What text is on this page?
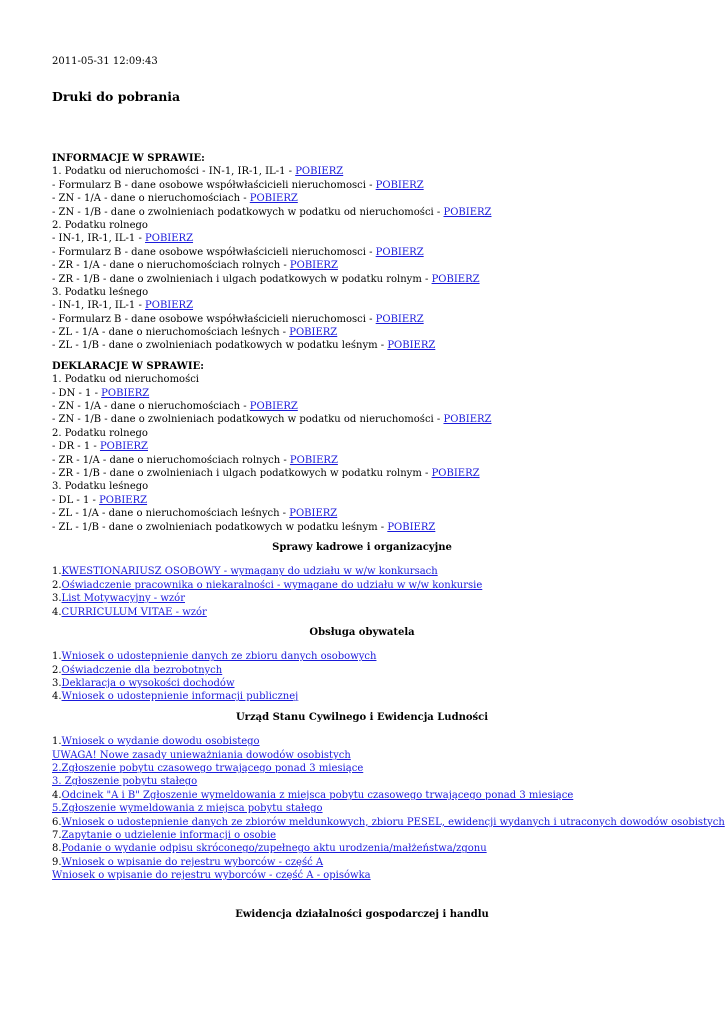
2011-05-31 12:09:43
Druki do pobrania
INFORMACJE W SPRAWIE:
1. Podatku od nieruchomości - IN-1, IR-1, IL-1 - POBIERZ
- Formularz B - dane osobowe współwłaścicieli nieruchomosci - POBIERZ
- ZN - 1/A - dane o nieruchomościach - POBIERZ
- ZN - 1/B - dane o zwolnieniach podatkowych w podatku od nieruchomości - POBIERZ
2. Podatku rolnego
- IN-1, IR-1, IL-1 - POBIERZ
- Formularz B - dane osobowe współwłaścicieli nieruchomosci - POBIERZ
- ZR - 1/A - dane o nieruchomościach rolnych - POBIERZ
- ZR - 1/B - dane o zwolnieniach i ulgach podatkowych w podatku rolnym - POBIERZ
3. Podatku leśnego
- IN-1, IR-1, IL-1 - POBIERZ
- Formularz B - dane osobowe współwłaścicieli nieruchomosci - POBIERZ
- ZL - 1/A - dane o nieruchomościach leśnych - POBIERZ
- ZL - 1/B - dane o zwolnieniach podatkowych w podatku leśnym - POBIERZ
DEKLARACJE W SPRAWIE:
1. Podatku od nieruchomości
- DN - 1 - POBIERZ
- ZN - 1/A - dane o nieruchomościach - POBIERZ
- ZN - 1/B - dane o zwolnieniach podatkowych w podatku od nieruchomości - POBIERZ
2. Podatku rolnego
- DR - 1 - POBIERZ
- ZR - 1/A - dane o nieruchomościach rolnych - POBIERZ
- ZR - 1/B - dane o zwolnieniach i ulgach podatkowych w podatku rolnym - POBIERZ
3. Podatku leśnego
- DL - 1 - POBIERZ
- ZL - 1/A - dane o nieruchomościach leśnych - POBIERZ
- ZL - 1/B - dane o zwolnieniach podatkowych w podatku leśnym - POBIERZ
Sprawy kadrowe i organizacyjne
1.KWESTIONARIUSZ OSOBOWY - wymagany do udziału w w/w konkursach
2.Oświadczenie pracownika o niekaralności - wymagane do udziału w w/w konkursie
3.List Motywacyjny - wzór
4.CURRICULUM VITAE - wzór
Obsługa obywatela
1.Wniosek o udostepnienie danych ze zbioru danych osobowych
2.Oświadczenie dla bezrobotnych
3.Deklaracja o wysokości dochodów
4.Wniosek o udostepnienie informacji publicznej
Urząd Stanu Cywilnego i Ewidencja Ludności
1.Wniosek o wydanie dowodu osobistego
UWAGA! Nowe zasady unieważniania dowodów osobistych
2.Zgłoszenie pobytu czasowego trwającego ponad 3 miesiące
3. Zgłoszenie pobytu stałego
4.Odcinek "A i B" Zgłoszenie wymeldowania z miejsca pobytu czasowego trwającego ponad 3 miesiące
5.Zgłoszenie wymeldowania z miejsca pobytu stałego
6.Wniosek o udostepnienie danych ze zbiorów meldunkowych, zbioru PESEL, ewidencji wydanych i utraconych dowodów osobistych
7.Zapytanie o udzielenie informacji o osobie
8.Podanie o wydanie odpisu skróconego/zupełnego aktu urodzenia/małżeństwa/zgonu
9.Wniosek o wpisanie do rejestru wyborców - część A
Wniosek o wpisanie do rejestru wyborców - część A - opisówka
Ewidencja działalności gospodarczej i handlu
